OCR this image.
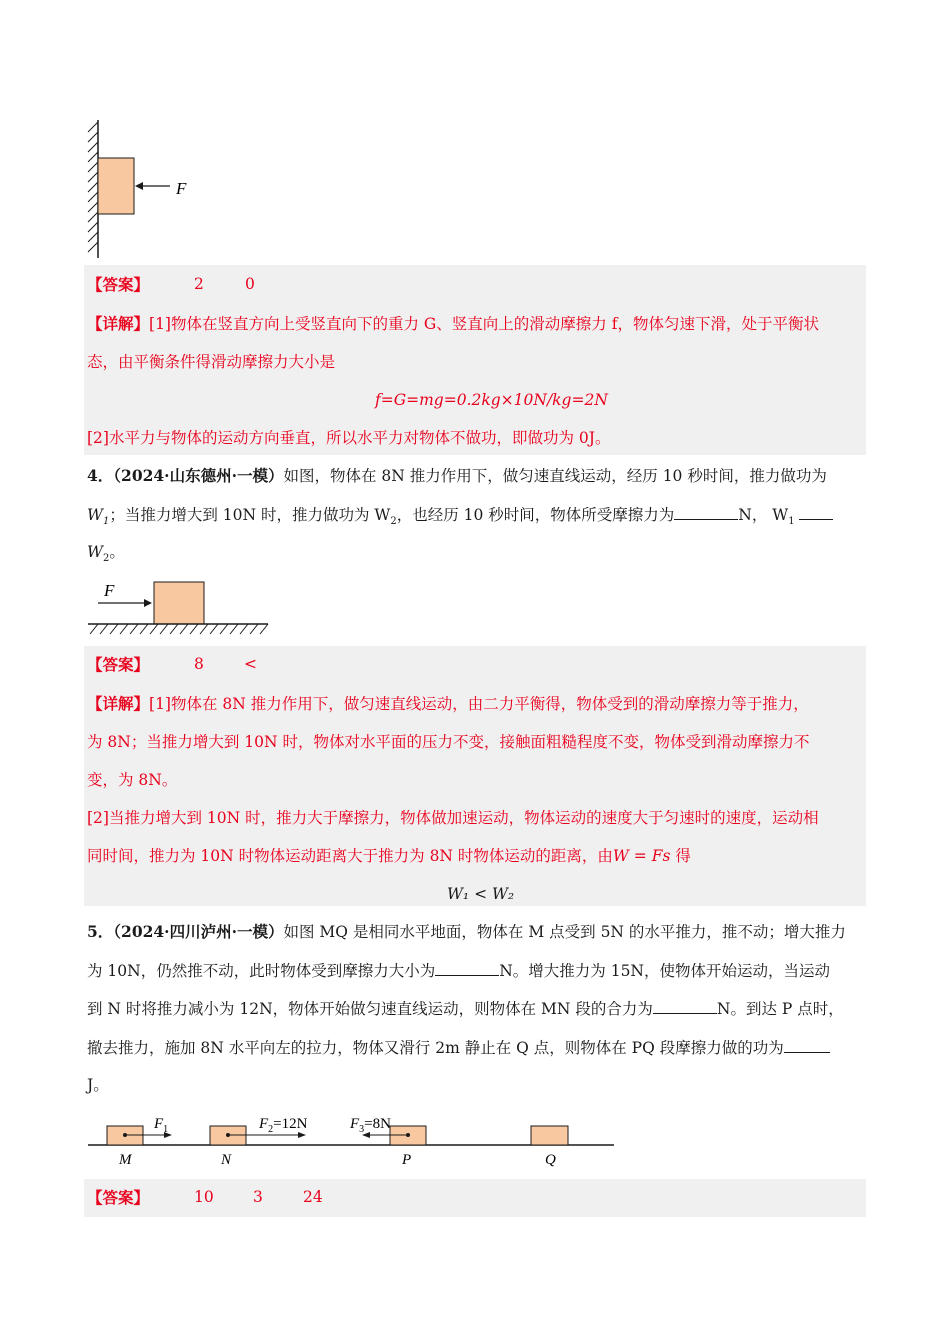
F
【答案】	2	0
【详解】[1]物体在竖直方向上受竖直向下的重力 G、竖直向上的滑动摩擦力 f，物体匀速下滑，处于平衡状
态，由平衡条件得滑动摩擦力大小是
f=G=mg=0.2kg×10N/kg=2N
[2]水平力与物体的运动方向垂直，所以水平力对物体不做功，即做功为 0J。
4．（2024·山东德州·一模）如图，物体在 8N 推力作用下，做匀速直线运动，经历 10 秒时间，推力做功为
$W_1$；当推力增大到 10N 时，推力做功为 $W_2$，也经历 10 秒时间，物体所受摩擦力为	N， $W_1$
$W_2$。
F
【答案】	8	<
【详解】[1]物体在 8N 推力作用下，做匀速直线运动，由二力平衡得，物体受到的滑动摩擦力等于推力，
为 8N；当推力增大到 10N 时，物体对水平面的压力不变，接触面粗糙程度不变，物体受到滑动摩擦力不
变，为 8N。
[2]当推力增大到 10N 时，推力大于摩擦力，物体做加速运动，物体运动的速度大于匀速时的速度，运动相
同时间，推力为 10N 时物体运动距离大于推力为 8N 时物体运动的距离，由W = Fs 得
W₁ < W₂
5．（2024·四川泸州·一模）如图 MQ 是相同水平地面，物体在 M 点受到 5N 的水平推力，推不动；增大推力
为 10N，仍然推不动，此时物体受到摩擦力大小为	N。增大推力为 15N，使物体开始运动，当运动
到 N 时将推力减小为 12N，物体开始做匀速直线运动，则物体在 MN 段的合力为	N。到达 P 点时，
撤去推力，施加 8N 水平向左的拉力，物体又滑行 2m 静止在 Q 点，则物体在 PQ 段摩擦力做的功为
J。
$F_1$	$F_2=12N$	$F_3=8N$
M	N	P	Q
【答案】	10	3	24
